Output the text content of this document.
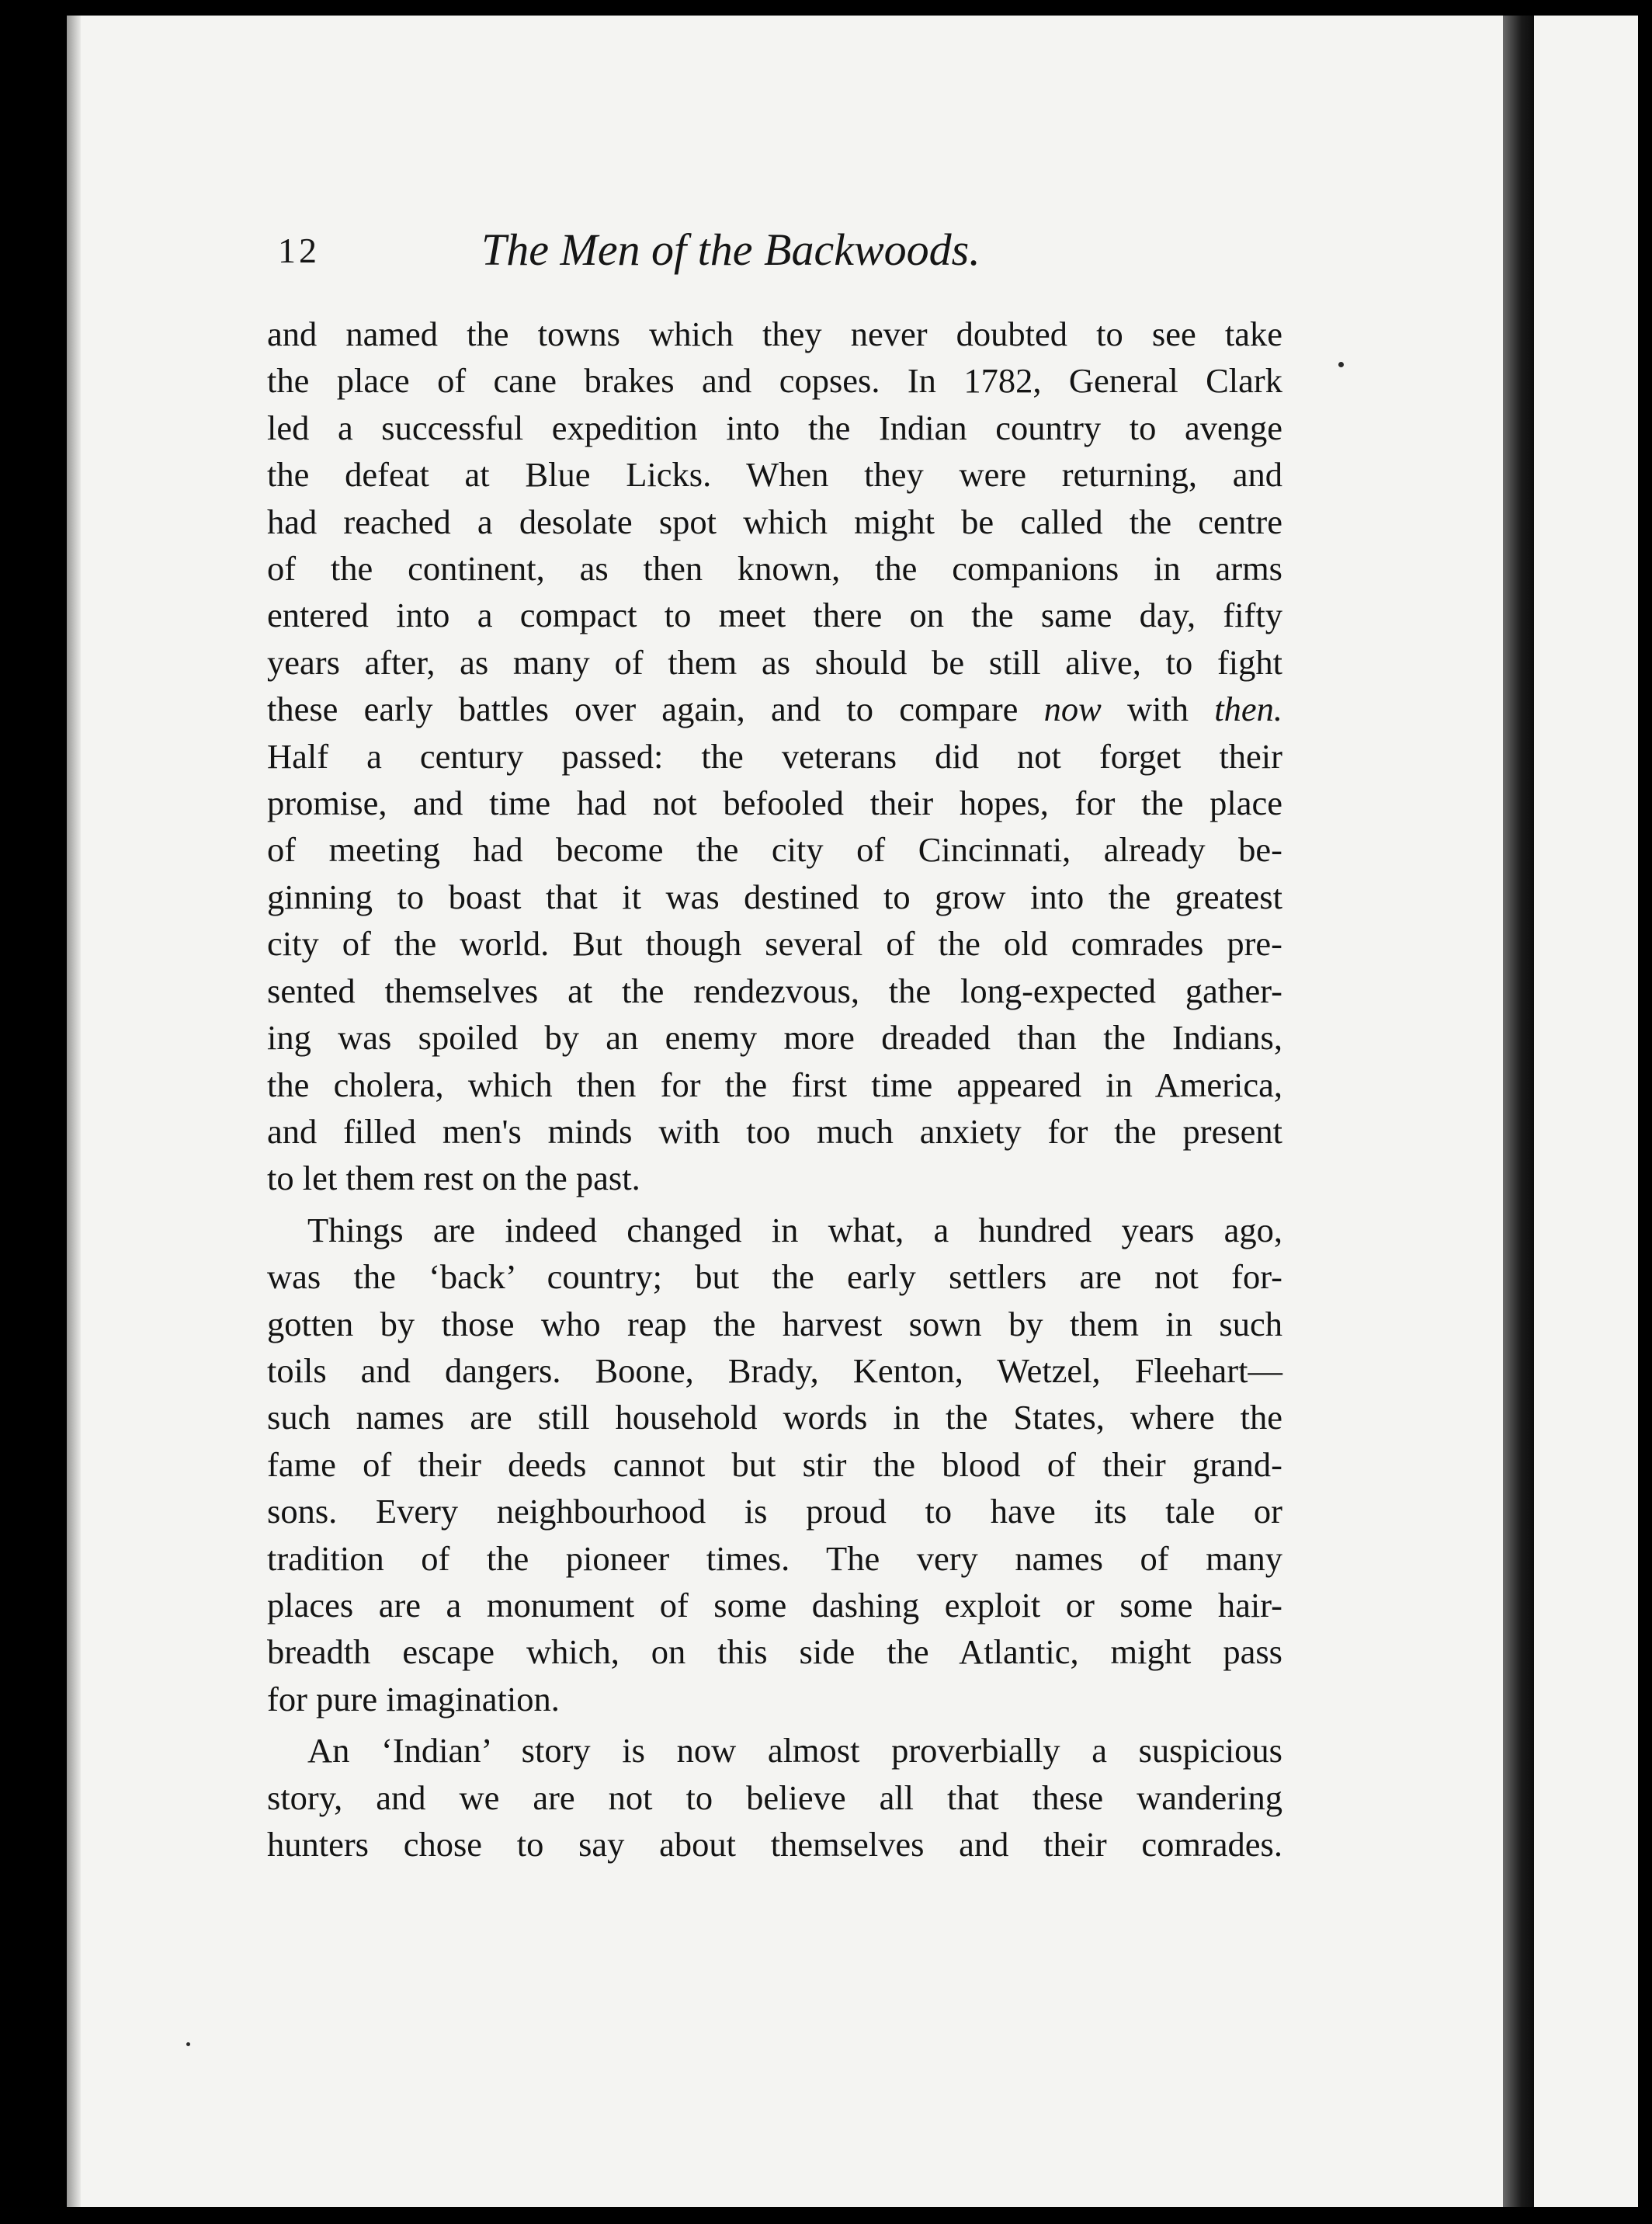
12	The Men of the Backwoods.

and named the towns which they never doubted to see take
the place of cane brakes and copses. In 1782, General Clark
led a successful expedition into the Indian country to avenge
the defeat at Blue Licks. When they were returning, and
had reached a desolate spot which might be called the centre
of the continent, as then known, the companions in arms
entered into a compact to meet there on the same day, fifty
years after, as many of them as should be still alive, to fight
these early battles over again, and to compare now with then.
Half a century passed: the veterans did not forget their
promise, and time had not befooled their hopes, for the place
of meeting had become the city of Cincinnati, already be-
ginning to boast that it was destined to grow into the greatest
city of the world. But though several of the old comrades pre-
sented themselves at the rendezvous, the long-expected gather-
ing was spoiled by an enemy more dreaded than the Indians,
the cholera, which then for the first time appeared in America,
and filled men's minds with too much anxiety for the present
to let them rest on the past.

Things are indeed changed in what, a hundred years ago,
was the ‘back’ country; but the early settlers are not for-
gotten by those who reap the harvest sown by them in such
toils and dangers. Boone, Brady, Kenton, Wetzel, Fleehart—
such names are still household words in the States, where the
fame of their deeds cannot but stir the blood of their grand-
sons. Every neighbourhood is proud to have its tale or
tradition of the pioneer times. The very names of many
places are a monument of some dashing exploit or some hair-
breadth escape which, on this side the Atlantic, might pass
for pure imagination.

An ‘Indian’ story is now almost proverbially a suspicious
story, and we are not to believe all that these wandering
hunters chose to say about themselves and their comrades.
